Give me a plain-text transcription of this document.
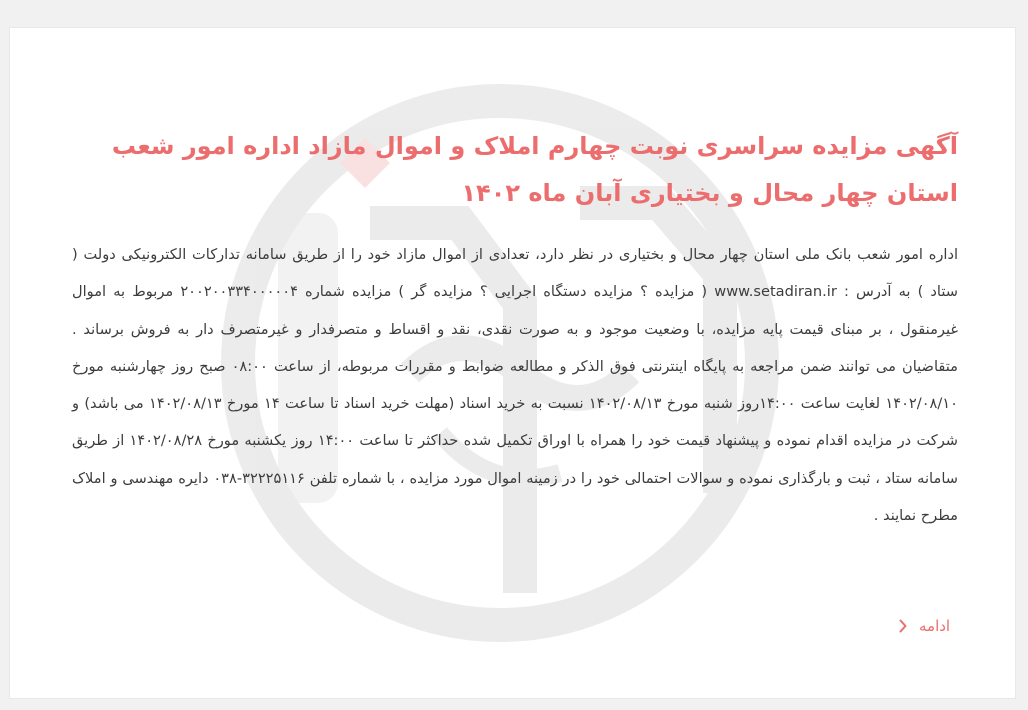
آگهی مزایده سراسری نوبت چهارم املاک و اموال مازاد اداره امور شعب استان چهار محال و بختیاری آبان ماه ۱۴۰۲

اداره امور شعب بانک ملی استان چهار محال و بختیاری در نظر دارد، تعدادی از اموال مازاد خود را از طریق سامانه تدارکات الکترونیکی دولت ( ستاد ) به آدرس : www.setadiran.ir ( مزایده ؟ مزایده دستگاه اجرایی ؟ مزایده گر ) مزایده شماره ۲۰۰۲۰۰۳۳۴۰۰۰۰۰۴ مربوط به اموال غیرمنقول ، بر مبنای قیمت پایه مزایده، با وضعیت موجود و به صورت نقدی، نقد و اقساط و متصرفدار و غیرمتصرف دار به فروش برساند . متقاضیان می توانند ضمن مراجعه به پایگاه اینترنتی فوق الذکر و مطالعه ضوابط و مقررات مربوطه، از ساعت ۰۸:۰۰ صبح روز چهارشنبه مورخ ۱۴۰۲/۰۸/۱۰ لغایت ساعت ۱۴:۰۰روز شنبه مورخ ۱۴۰۲/۰۸/۱۳ نسبت به خرید اسناد (مهلت خرید اسناد تا ساعت ۱۴ مورخ ۱۴۰۲/۰۸/۱۳ می باشد) و شرکت در مزایده اقدام نموده و پیشنهاد قیمت خود را همراه با اوراق تکمیل شده حداکثر تا ساعت ۱۴:۰۰ روز یکشنبه مورخ ۱۴۰۲/۰۸/۲۸ از طریق سامانه ستاد ، ثبت و بارگذاری نموده و سوالات احتمالی خود را در زمینه اموال مورد مزایده ، با شماره تلفن ۳۲۲۲۵۱۱۶-۰۳۸ دایره مهندسی و املاک مطرح نمایند .

ادامه
